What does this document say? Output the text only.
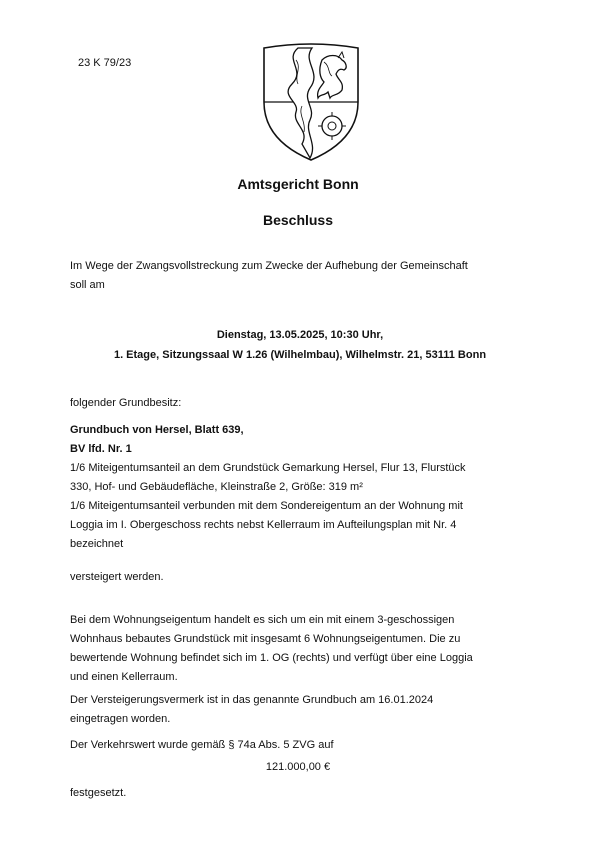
23 K 79/23
Amtsgericht Bonn
Beschluss
Im Wege der Zwangsvollstreckung zum Zwecke der Aufhebung der Gemeinschaft
soll am
Dienstag, 13.05.2025, 10:30 Uhr,
1. Etage, Sitzungssaal W 1.26 (Wilhelmbau), Wilhelmstr. 21, 53111 Bonn
folgender Grundbesitz:
Grundbuch von Hersel, Blatt 639,
BV lfd. Nr. 1
1/6 Miteigentumsanteil an dem Grundstück Gemarkung Hersel, Flur 13, Flurstück
330, Hof- und Gebäudefläche, Kleinstraße 2, Größe: 319 m²
1/6 Miteigentumsanteil verbunden mit dem Sondereigentum an der Wohnung mit
Loggia im I. Obergeschoss rechts nebst Kellerraum im Aufteilungsplan mit Nr. 4
bezeichnet
versteigert werden.
Bei dem Wohnungseigentum handelt es sich um ein mit einem 3-geschossigen
Wohnhaus bebautes Grundstück mit insgesamt 6 Wohnungseigentumen. Die zu
bewertende Wohnung befindet sich im 1. OG (rechts) und verfügt über eine Loggia
und einen Kellerraum.
Der Versteigerungsvermerk ist in das genannte Grundbuch am 16.01.2024
eingetragen worden.
Der Verkehrswert wurde gemäß § 74a Abs. 5 ZVG auf
121.000,00 €
festgesetzt.
